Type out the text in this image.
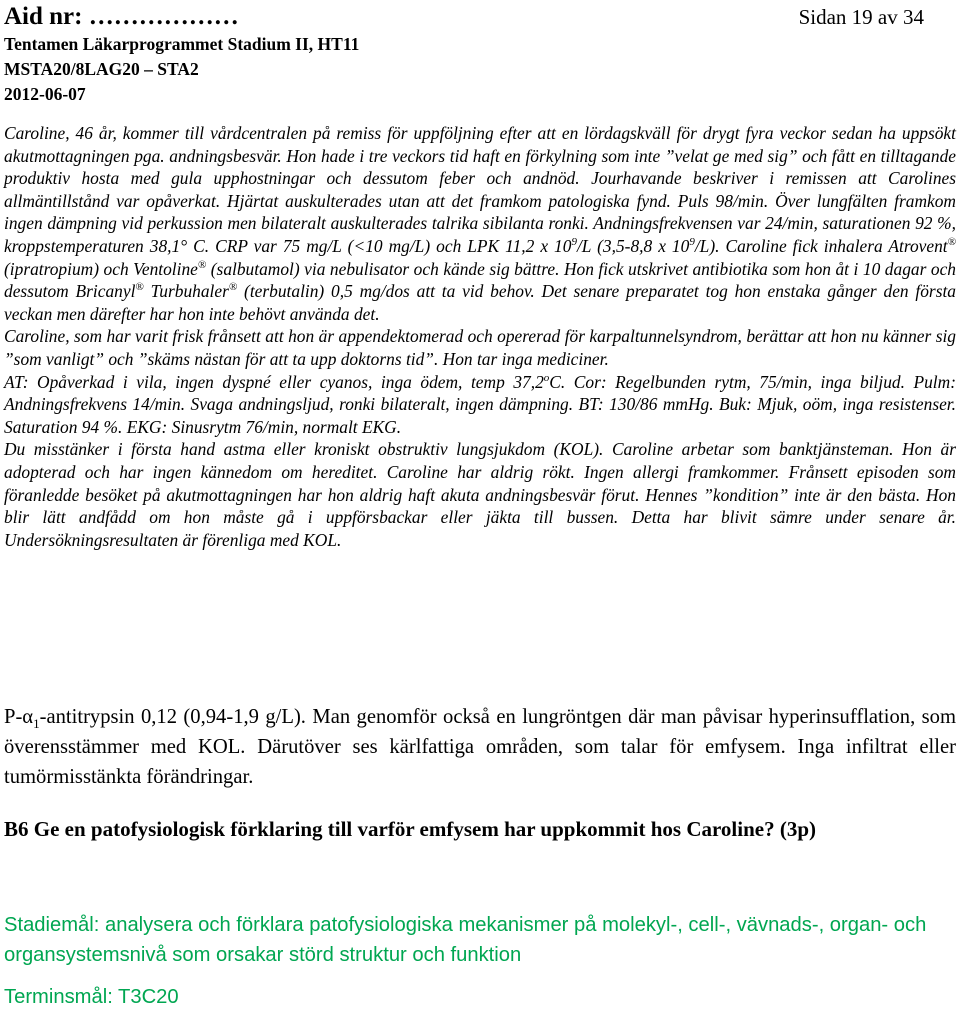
Aid nr: ………………	Sidan 19 av 34
Tentamen Läkarprogrammet Stadium II, HT11
MSTA20/8LAG20 – STA2
2012-06-07

Caroline, 46 år, kommer till vårdcentralen på remiss för uppföljning efter att en lördagskväll för drygt fyra veckor sedan ha uppsökt akutmottagningen pga. andningsbesvär. Hon hade i tre veckors tid haft en förkylning som inte ”velat ge med sig” och fått en tilltagande produktiv hosta med gula upphostningar och dessutom feber och andnöd. Jourhavande beskriver i remissen att Carolines allmäntillstånd var opåverkat. Hjärtat auskulterades utan att det framkom patologiska fynd. Puls 98/min. Över lungfälten framkom ingen dämpning vid perkussion men bilateralt auskulterades talrika sibilanta ronki. Andningsfrekvensen var 24/min, saturationen 92 %, kroppstemperaturen 38,1° C. CRP var 75 mg/L (<10 mg/L) och LPK 11,2 x $10^9/L$ (3,5-8,8 x $10^9/L$). Caroline fick inhalera Atrovent® (ipratropium) och Ventoline® (salbutamol) via nebulisator och kände sig bättre. Hon fick utskrivet antibiotika som hon åt i 10 dagar och dessutom Bricanyl® Turbuhaler® (terbutalin) 0,5 mg/dos att ta vid behov. Det senare preparatet tog hon enstaka gånger den första veckan men därefter har hon inte behövt använda det.

Caroline, som har varit frisk frånsett att hon är appendektomerad och opererad för karpaltunnelsyndrom, berättar att hon nu känner sig ”som vanligt” och ”skäms nästan för att ta upp doktorns tid”. Hon tar inga mediciner.

AT: Opåverkad i vila, ingen dyspné eller cyanos, inga ödem, temp 37,2$^o$C. Cor: Regelbunden rytm, 75/min, inga biljud. Pulm: Andningsfrekvens 14/min. Svaga andningsljud, ronki bilateralt, ingen dämpning. BT: 130/86 mmHg. Buk: Mjuk, oöm, inga resistenser. Saturation 94 %. EKG: Sinusrytm 76/min, normalt EKG.

Du misstänker i första hand astma eller kroniskt obstruktiv lungsjukdom (KOL). Caroline arbetar som banktjänsteman. Hon är adopterad och har ingen kännedom om hereditet. Caroline har aldrig rökt. Ingen allergi framkommer. Frånsett episoden som föranledde besöket på akutmottagningen har hon aldrig haft akuta andningsbesvär förut. Hennes ”kondition” inte är den bästa. Hon blir lätt andfådd om hon måste gå i uppförsbackar eller jäkta till bussen. Detta har blivit sämre under senare år. Undersökningsresultaten är förenliga med KOL.

$P-\alpha_1$-antitrypsin 0,12 (0,94-1,9 g/L). Man genomför också en lungröntgen där man påvisar hyperinsufflation, som överensstämmer med KOL. Därutöver ses kärlfattiga områden, som talar för emfysem. Inga infiltrat eller tumörmisstänkta förändringar.
B6 Ge en patofysiologisk förklaring till varför emfysem har uppkommit hos Caroline? (3p)
Stadiemål: analysera och förklara patofysiologiska mekanismer på molekyl-, cell-, vävnads-, organ- och organsystemsnivå som orsakar störd struktur och funktion
Terminsmål: T3C20
